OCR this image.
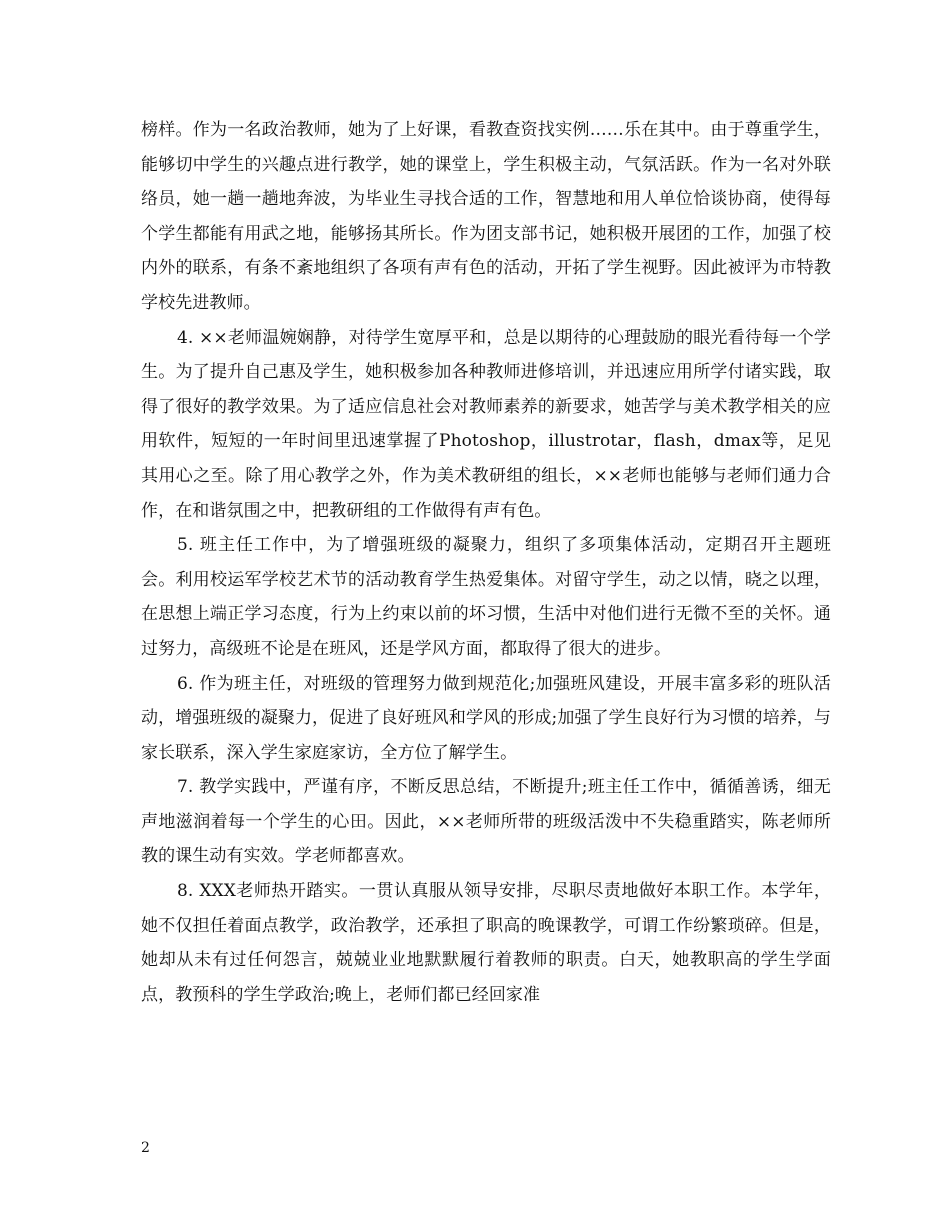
榜样。作为一名政治教师，她为了上好课，看教查资找实例……乐在其中。由于尊重学生，能够切中学生的兴趣点进行教学，她的课堂上，学生积极主动，气氛活跃。作为一名对外联络员，她一趟一趟地奔波，为毕业生寻找合适的工作，智慧地和用人单位恰谈协商，使得每个学生都能有用武之地，能够扬其所长。作为团支部书记，她积极开展团的工作，加强了校内外的联系，有条不紊地组织了各项有声有色的活动，开拓了学生视野。因此被评为市特教学校先进教师。

4. ××老师温婉娴静，对待学生宽厚平和，总是以期待的心理鼓励的眼光看待每一个学生。为了提升自己惠及学生，她积极参加各种教师进修培训，并迅速应用所学付诸实践，取得了很好的教学效果。为了适应信息社会对教师素养的新要求，她苦学与美术教学相关的应用软件，短短的一年时间里迅速掌握了Photoshop，illustrotar，flash，dmax等，足见其用心之至。除了用心教学之外，作为美术教研组的组长，××老师也能够与老师们通力合作，在和谐氛围之中，把教研组的工作做得有声有色。

5. 班主任工作中，为了增强班级的凝聚力，组织了多项集体活动，定期召开主题班会。利用校运军学校艺术节的活动教育学生热爱集体。对留守学生，动之以情，晓之以理，在思想上端正学习态度，行为上约束以前的坏习惯，生活中对他们进行无微不至的关怀。通过努力，高级班不论是在班风，还是学风方面，都取得了很大的进步。

6. 作为班主任，对班级的管理努力做到规范化;加强班风建设，开展丰富多彩的班队活动，增强班级的凝聚力，促进了良好班风和学风的形成;加强了学生良好行为习惯的培养，与家长联系，深入学生家庭家访，全方位了解学生。

7. 教学实践中，严谨有序，不断反思总结，不断提升;班主任工作中，循循善诱，细无声地滋润着每一个学生的心田。因此，××老师所带的班级活泼中不失稳重踏实，陈老师所教的课生动有实效。学老师都喜欢。

8. XXX老师热开踏实。一贯认真服从领导安排，尽职尽责地做好本职工作。本学年，她不仅担任着面点教学，政治教学，还承担了职高的晚课教学，可谓工作纷繁琐碎。但是，她却从未有过任何怨言，兢兢业业地默默履行着教师的职责。白天，她教职高的学生学面点，教预科的学生学政治;晚上，老师们都已经回家准

2
